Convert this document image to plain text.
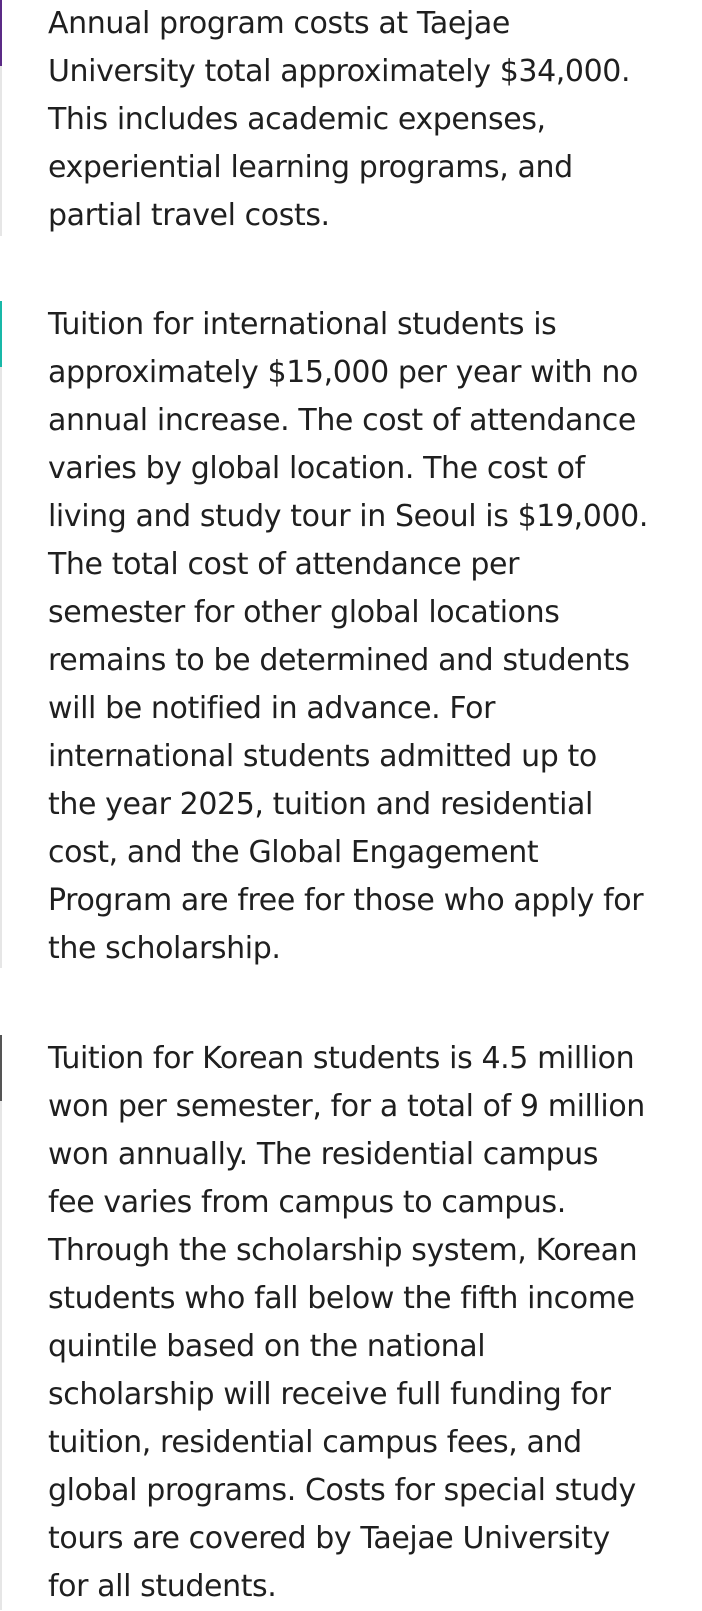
Annual program costs at Taejae
University total approximately $34,000.
This includes academic expenses,
experiential learning programs, and
partial travel costs.

Tuition for international students is
approximately $15,000 per year with no
annual increase. The cost of attendance
varies by global location. The cost of
living and study tour in Seoul is $19,000.
The total cost of attendance per
semester for other global locations
remains to be determined and students
will be notified in advance. For
international students admitted up to
the year 2025, tuition and residential
cost, and the Global Engagement
Program are free for those who apply for
the scholarship.

Tuition for Korean students is 4.5 million
won per semester, for a total of 9 million
won annually. The residential campus
fee varies from campus to campus.
Through the scholarship system, Korean
students who fall below the fifth income
quintile based on the national
scholarship will receive full funding for
tuition, residential campus fees, and
global programs. Costs for special study
tours are covered by Taejae University
for all students.
